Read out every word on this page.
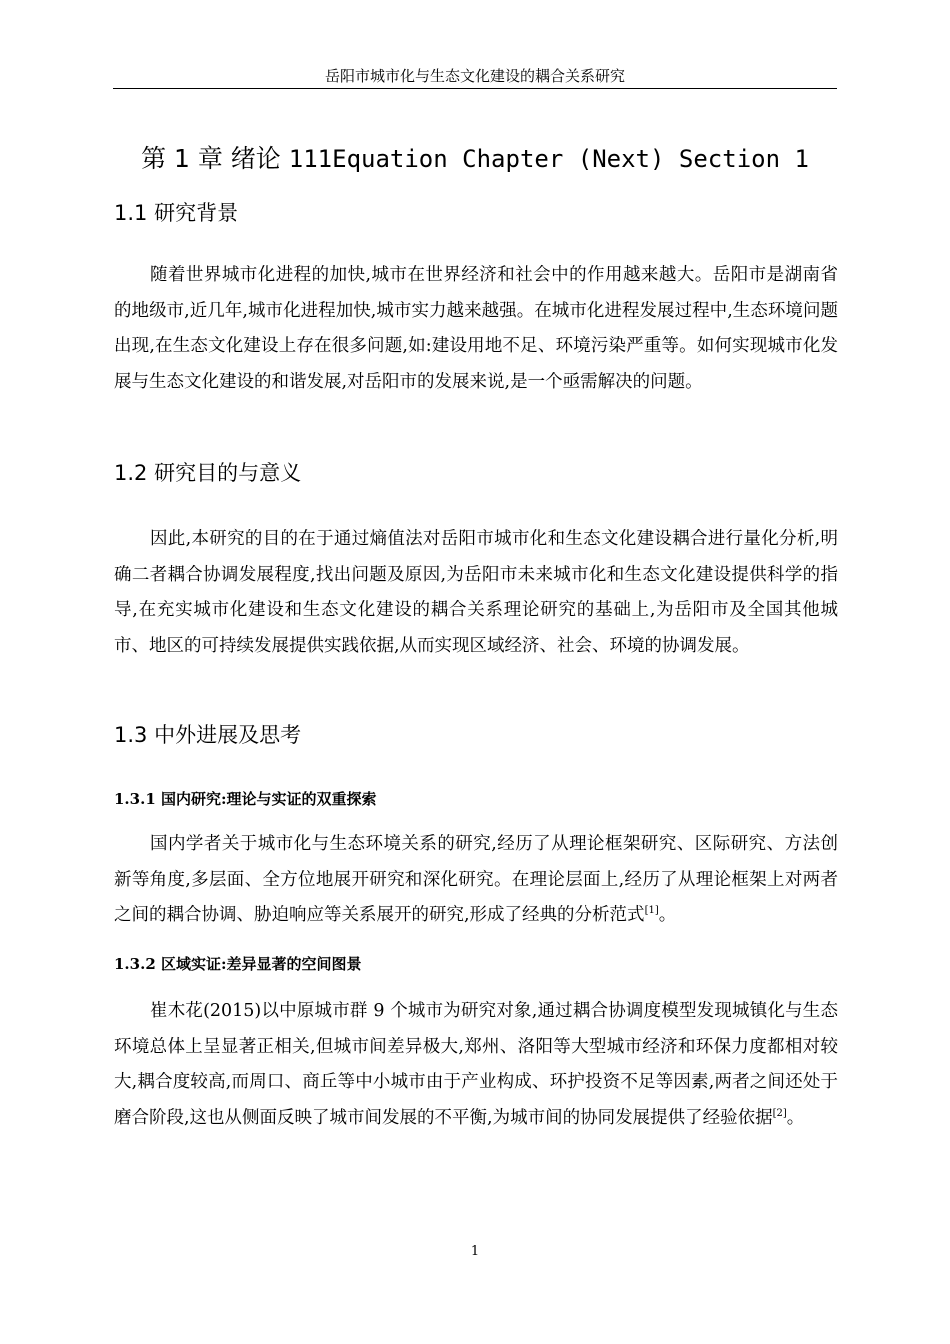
岳阳市城市化与生态文化建设的耦合关系研究
第 1 章 绪论 111Equation Chapter (Next) Section 1
1.1 研究背景

随着世界城市化进程的加快,城市在世界经济和社会中的作用越来越大。岳阳市是湖南省的地级市,近几年,城市化进程加快,城市实力越来越强。在城市化进程发展过程中,生态环境问题出现,在生态文化建设上存在很多问题,如:建设用地不足、环境污染严重等。如何实现城市化发展与生态文化建设的和谐发展,对岳阳市的发展来说,是一个亟需解决的问题。

1.2 研究目的与意义

因此,本研究的目的在于通过熵值法对岳阳市城市化和生态文化建设耦合进行量化分析,明确二者耦合协调发展程度,找出问题及原因,为岳阳市未来城市化和生态文化建设提供科学的指导,在充实城市化建设和生态文化建设的耦合关系理论研究的基础上,为岳阳市及全国其他城市、地区的可持续发展提供实践依据,从而实现区域经济、社会、环境的协调发展。

1.3 中外进展及思考
1.3.1 国内研究:理论与实证的双重探索

国内学者关于城市化与生态环境关系的研究,经历了从理论框架研究、区际研究、方法创新等角度,多层面、全方位地展开研究和深化研究。在理论层面上,经历了从理论框架上对两者之间的耦合协调、胁迫响应等关系展开的研究,形成了经典的分析范式[1]。

1.3.2 区域实证:差异显著的空间图景

崔木花(2015)以中原城市群 9 个城市为研究对象,通过耦合协调度模型发现城镇化与生态环境总体上呈显著正相关,但城市间差异极大,郑州、洛阳等大型城市经济和环保力度都相对较大,耦合度较高,而周口、商丘等中小城市由于产业构成、环护投资不足等因素,两者之间还处于磨合阶段,这也从侧面反映了城市间发展的不平衡,为城市间的协同发展提供了经验依据[2]。

1
